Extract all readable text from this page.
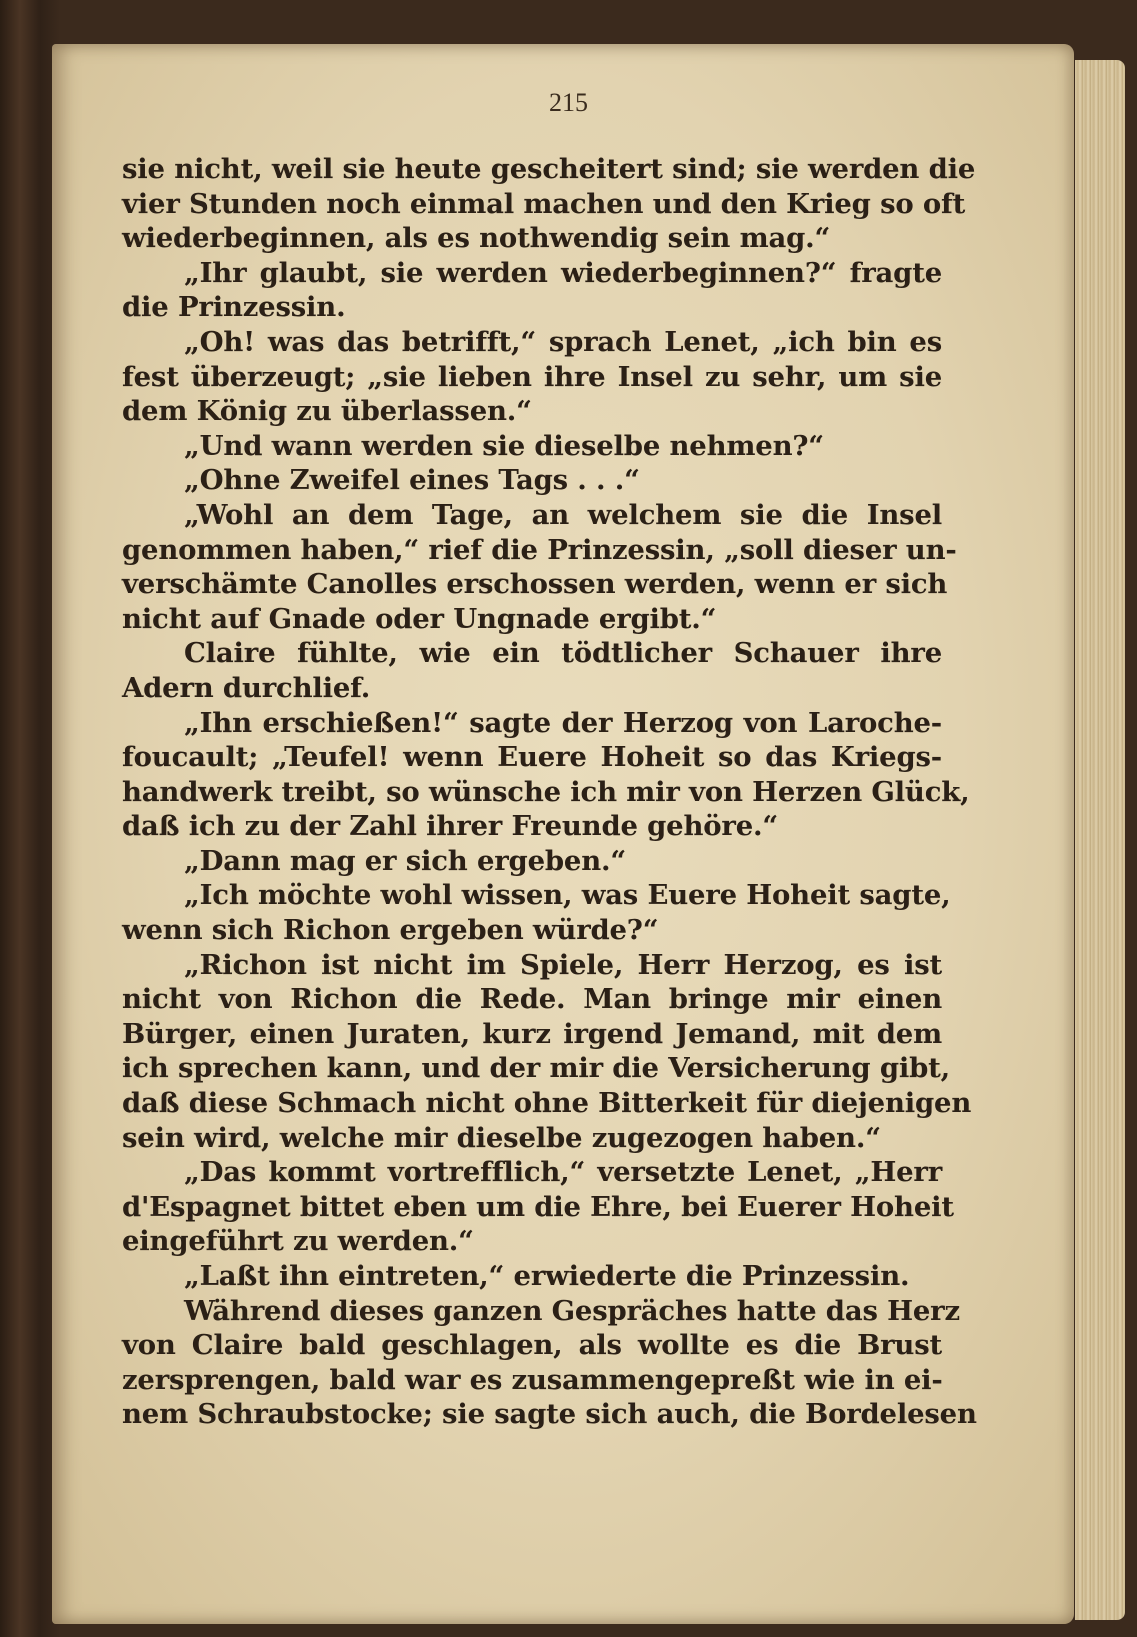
215
sie nicht, weil sie heute gescheitert sind; sie werden die
vier Stunden noch einmal machen und den Krieg so oft
wiederbeginnen, als es nothwendig sein mag.“
„Ihr glaubt, sie werden wiederbeginnen?“ fragte
die Prinzessin.
„Oh! was das betrifft,“ sprach Lenet, „ich bin es
fest überzeugt; „sie lieben ihre Insel zu sehr, um sie
dem König zu überlassen.“
„Und wann werden sie dieselbe nehmen?“
„Ohne Zweifel eines Tags . . .“
„Wohl an dem Tage, an welchem sie die Insel
genommen haben,“ rief die Prinzessin, „soll dieser un-
verschämte Canolles erschossen werden, wenn er sich
nicht auf Gnade oder Ungnade ergibt.“
Claire fühlte, wie ein tödtlicher Schauer ihre
Adern durchlief.
„Ihn erschießen!“ sagte der Herzog von Laroche-
foucault; „Teufel! wenn Euere Hoheit so das Kriegs-
handwerk treibt, so wünsche ich mir von Herzen Glück,
daß ich zu der Zahl ihrer Freunde gehöre.“
„Dann mag er sich ergeben.“
„Ich möchte wohl wissen, was Euere Hoheit sagte,
wenn sich Richon ergeben würde?“
„Richon ist nicht im Spiele, Herr Herzog, es ist
nicht von Richon die Rede. Man bringe mir einen
Bürger, einen Juraten, kurz irgend Jemand, mit dem
ich sprechen kann, und der mir die Versicherung gibt,
daß diese Schmach nicht ohne Bitterkeit für diejenigen
sein wird, welche mir dieselbe zugezogen haben.“
„Das kommt vortrefflich,“ versetzte Lenet, „Herr
d'Espagnet bittet eben um die Ehre, bei Euerer Hoheit
eingeführt zu werden.“
„Laßt ihn eintreten,“ erwiederte die Prinzessin.
Während dieses ganzen Gespräches hatte das Herz
von Claire bald geschlagen, als wollte es die Brust
zersprengen, bald war es zusammengepreßt wie in ei-
nem Schraubstocke; sie sagte sich auch, die Bordelesen
